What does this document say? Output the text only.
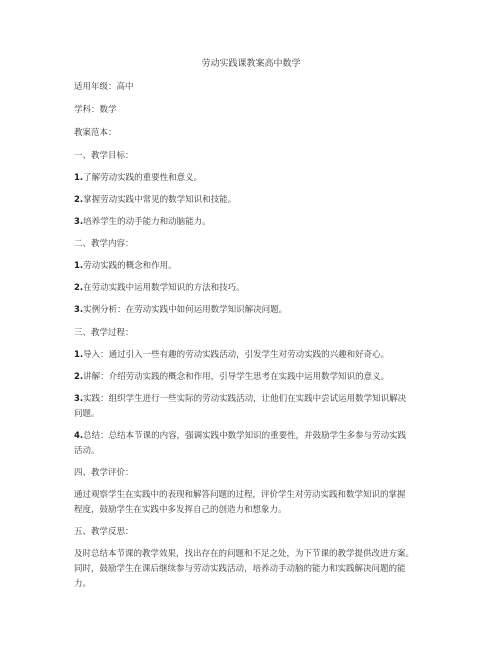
劳动实践课教案高中数学
适用年级：高中
学科：数学
教案范本：
一、教学目标：
1.了解劳动实践的重要性和意义。
2.掌握劳动实践中常见的数学知识和技能。
3.培养学生的动手能力和动脑能力。
二、教学内容：
1.劳动实践的概念和作用。
2.在劳动实践中运用数学知识的方法和技巧。
3.实例分析：在劳动实践中如何运用数学知识解决问题。
三、教学过程：
1.导入：通过引入一些有趣的劳动实践活动，引发学生对劳动实践的兴趣和好奇心。
2.讲解：介绍劳动实践的概念和作用，引导学生思考在实践中运用数学知识的意义。
3.实践：组织学生进行一些实际的劳动实践活动，让他们在实践中尝试运用数学知识解决
问题。
4.总结：总结本节课的内容，强调实践中数学知识的重要性，并鼓励学生多参与劳动实践
活动。
四、教学评价：
通过观察学生在实践中的表现和解答问题的过程，评价学生对劳动实践和数学知识的掌握
程度，鼓励学生在实践中多发挥自己的创造力和想象力。
五、教学反思：
及时总结本节课的教学效果，找出存在的问题和不足之处，为下节课的教学提供改进方案。
同时，鼓励学生在课后继续参与劳动实践活动，培养动手动脑的能力和实践解决问题的能
力。
